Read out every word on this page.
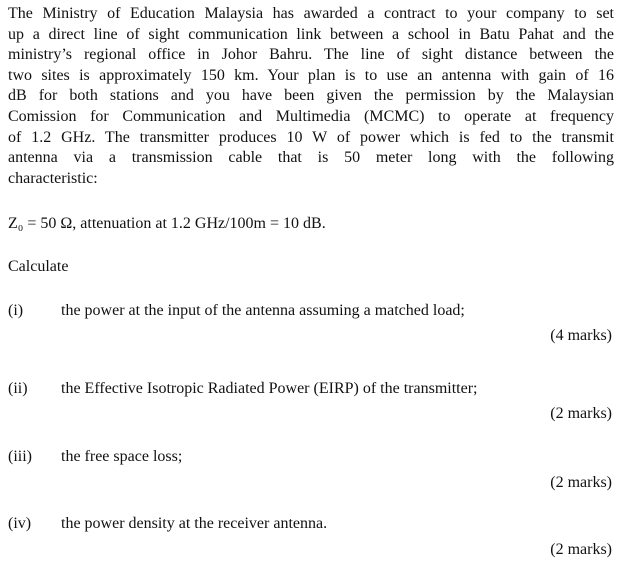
The Ministry of Education Malaysia has awarded a contract to your company to set
up a direct line of sight communication link between a school in Batu Pahat and the
ministry’s regional office in Johor Bahru. The line of sight distance between the
two sites is approximately 150 km. Your plan is to use an antenna with gain of 16
dB for both stations and you have been given the permission by the Malaysian
Comission for Communication and Multimedia (MCMC) to operate at frequency
of 1.2 GHz. The transmitter produces 10 W of power which is fed to the transmit
antenna via a transmission cable that is 50 meter long with the following
characteristic:
Z₀ = 50 Ω, attenuation at 1.2 GHz/100m = 10 dB.
Calculate
(i) the power at the input of the antenna assuming a matched load;
(4 marks)
(ii) the Effective Isotropic Radiated Power (EIRP) of the transmitter;
(2 marks)
(iii) the free space loss;
(2 marks)
(iv) the power density at the receiver antenna.
(2 marks)
